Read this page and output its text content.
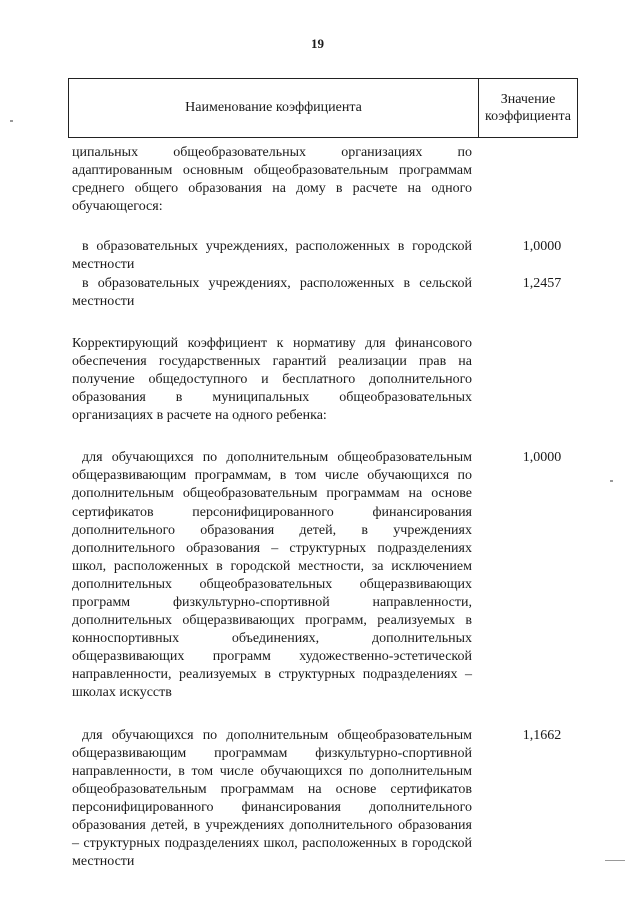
19
Наименование коэффициента
Значение
коэффициента
ципальных общеобразовательных организациях по адаптированным основным общеобразовательным программам среднего общего образования на дому в расчете на одного обучающегося:
в образовательных учреждениях, расположенных в городской местности
1,0000
в образовательных учреждениях, расположенных в сельской местности
1,2457
Корректирующий коэффициент к нормативу для финансового обеспечения государственных гарантий реализации прав на получение общедоступного и бесплатного дополнительного образования в муниципальных общеобразовательных организациях в расчете на одного ребенка:
для обучающихся по дополнительным общеобразовательным общеразвивающим программам, в том числе обучающихся по дополнительным общеобразовательным программам на основе сертификатов персонифицированного финансирования дополнительного образования детей, в учреждениях дополнительного образования – структурных подразделениях школ, расположенных в городской местности, за исключением дополнительных общеобразовательных общеразвивающих программ физкультурно-спортивной направленности, дополнительных общеразвивающих программ, реализуемых в конноспортивных объединениях, дополнительных общеразвивающих программ художественно-эстетической направленности, реализуемых в структурных подразделениях – школах искусств
1,0000
для обучающихся по дополнительным общеобразовательным общеразвивающим программам физкультурно-спортивной направленности, в том числе обучающихся по дополнительным общеобразовательным программам на основе сертификатов персонифицированного финансирования дополнительного образования детей, в учреждениях дополнительного образования – структурных подразделениях школ, расположенных в городской местности
1,1662
